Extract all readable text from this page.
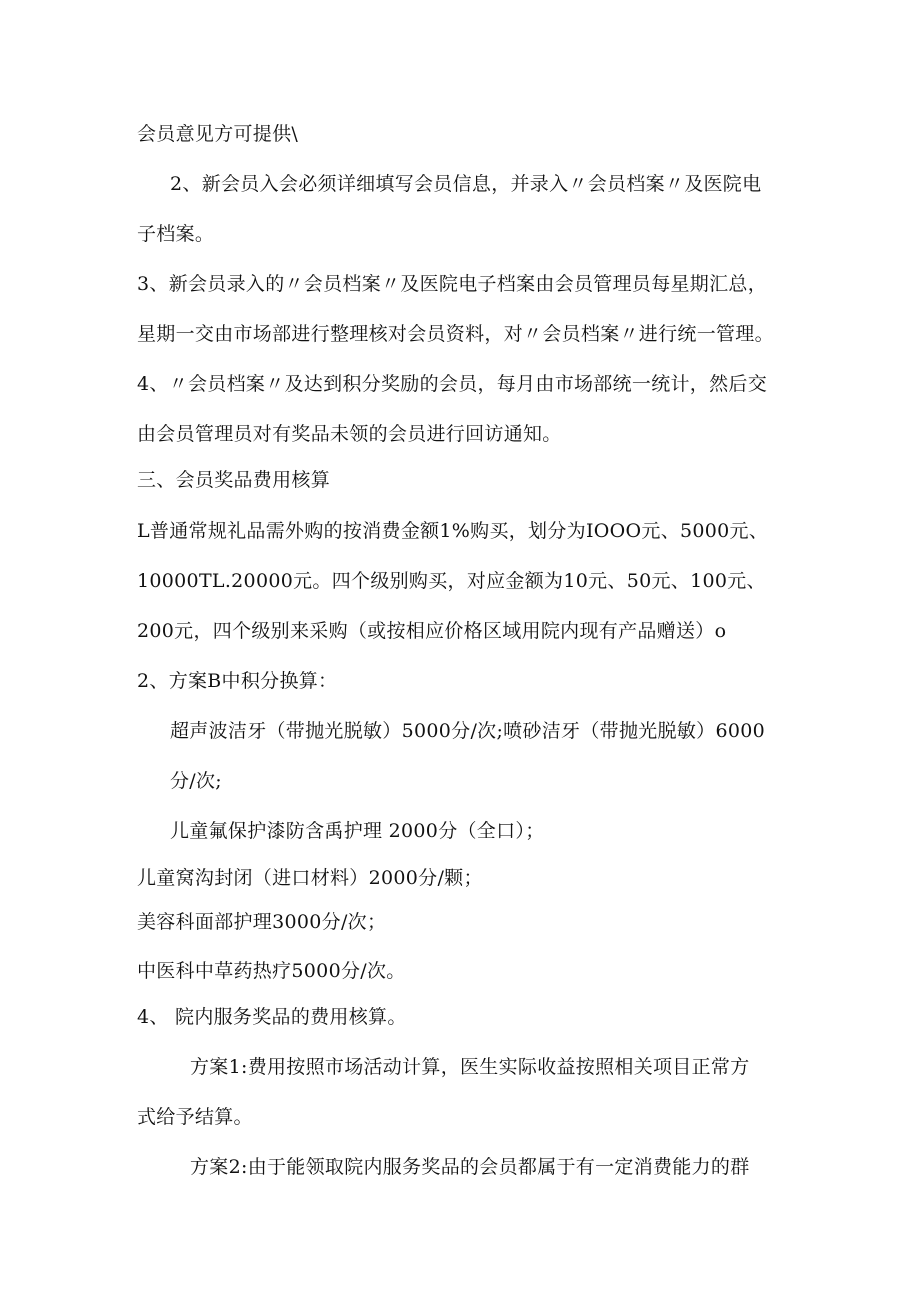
会员意见方可提供\
2、新会员入会必须详细填写会员信息，并录入〃会员档案〃及医院电
子档案。
3、新会员录入的〃会员档案〃及医院电子档案由会员管理员每星期汇总，
星期一交由市场部进行整理核对会员资料，对〃会员档案〃进行统一管理。
4、〃会员档案〃及达到积分奖励的会员，每月由市场部统一统计，然后交
由会员管理员对有奖品未领的会员进行回访通知。
三、会员奖品费用核算
L普通常规礼品需外购的按消费金额1%购买，划分为IOOO元、5000元、
10000TL.20000元。四个级别购买，对应金额为10元、50元、100元、
200元，四个级别来采购（或按相应价格区域用院内现有产品赠送）o
2、方案B中积分换算：
超声波洁牙（带抛光脱敏）5000分/次;喷砂洁牙（带抛光脱敏）6000
分/次;
儿童氟保护漆防含禹护理 2000分（全口）；
儿童窝沟封闭（进口材料）2000分/颗；
美容科面部护理3000分/次；
中医科中草药热疗5000分/次。
4、 院内服务奖品的费用核算。
方案1:费用按照市场活动计算，医生实际收益按照相关项目正常方
式给予结算。
方案2:由于能领取院内服务奖品的会员都属于有一定消费能力的群
